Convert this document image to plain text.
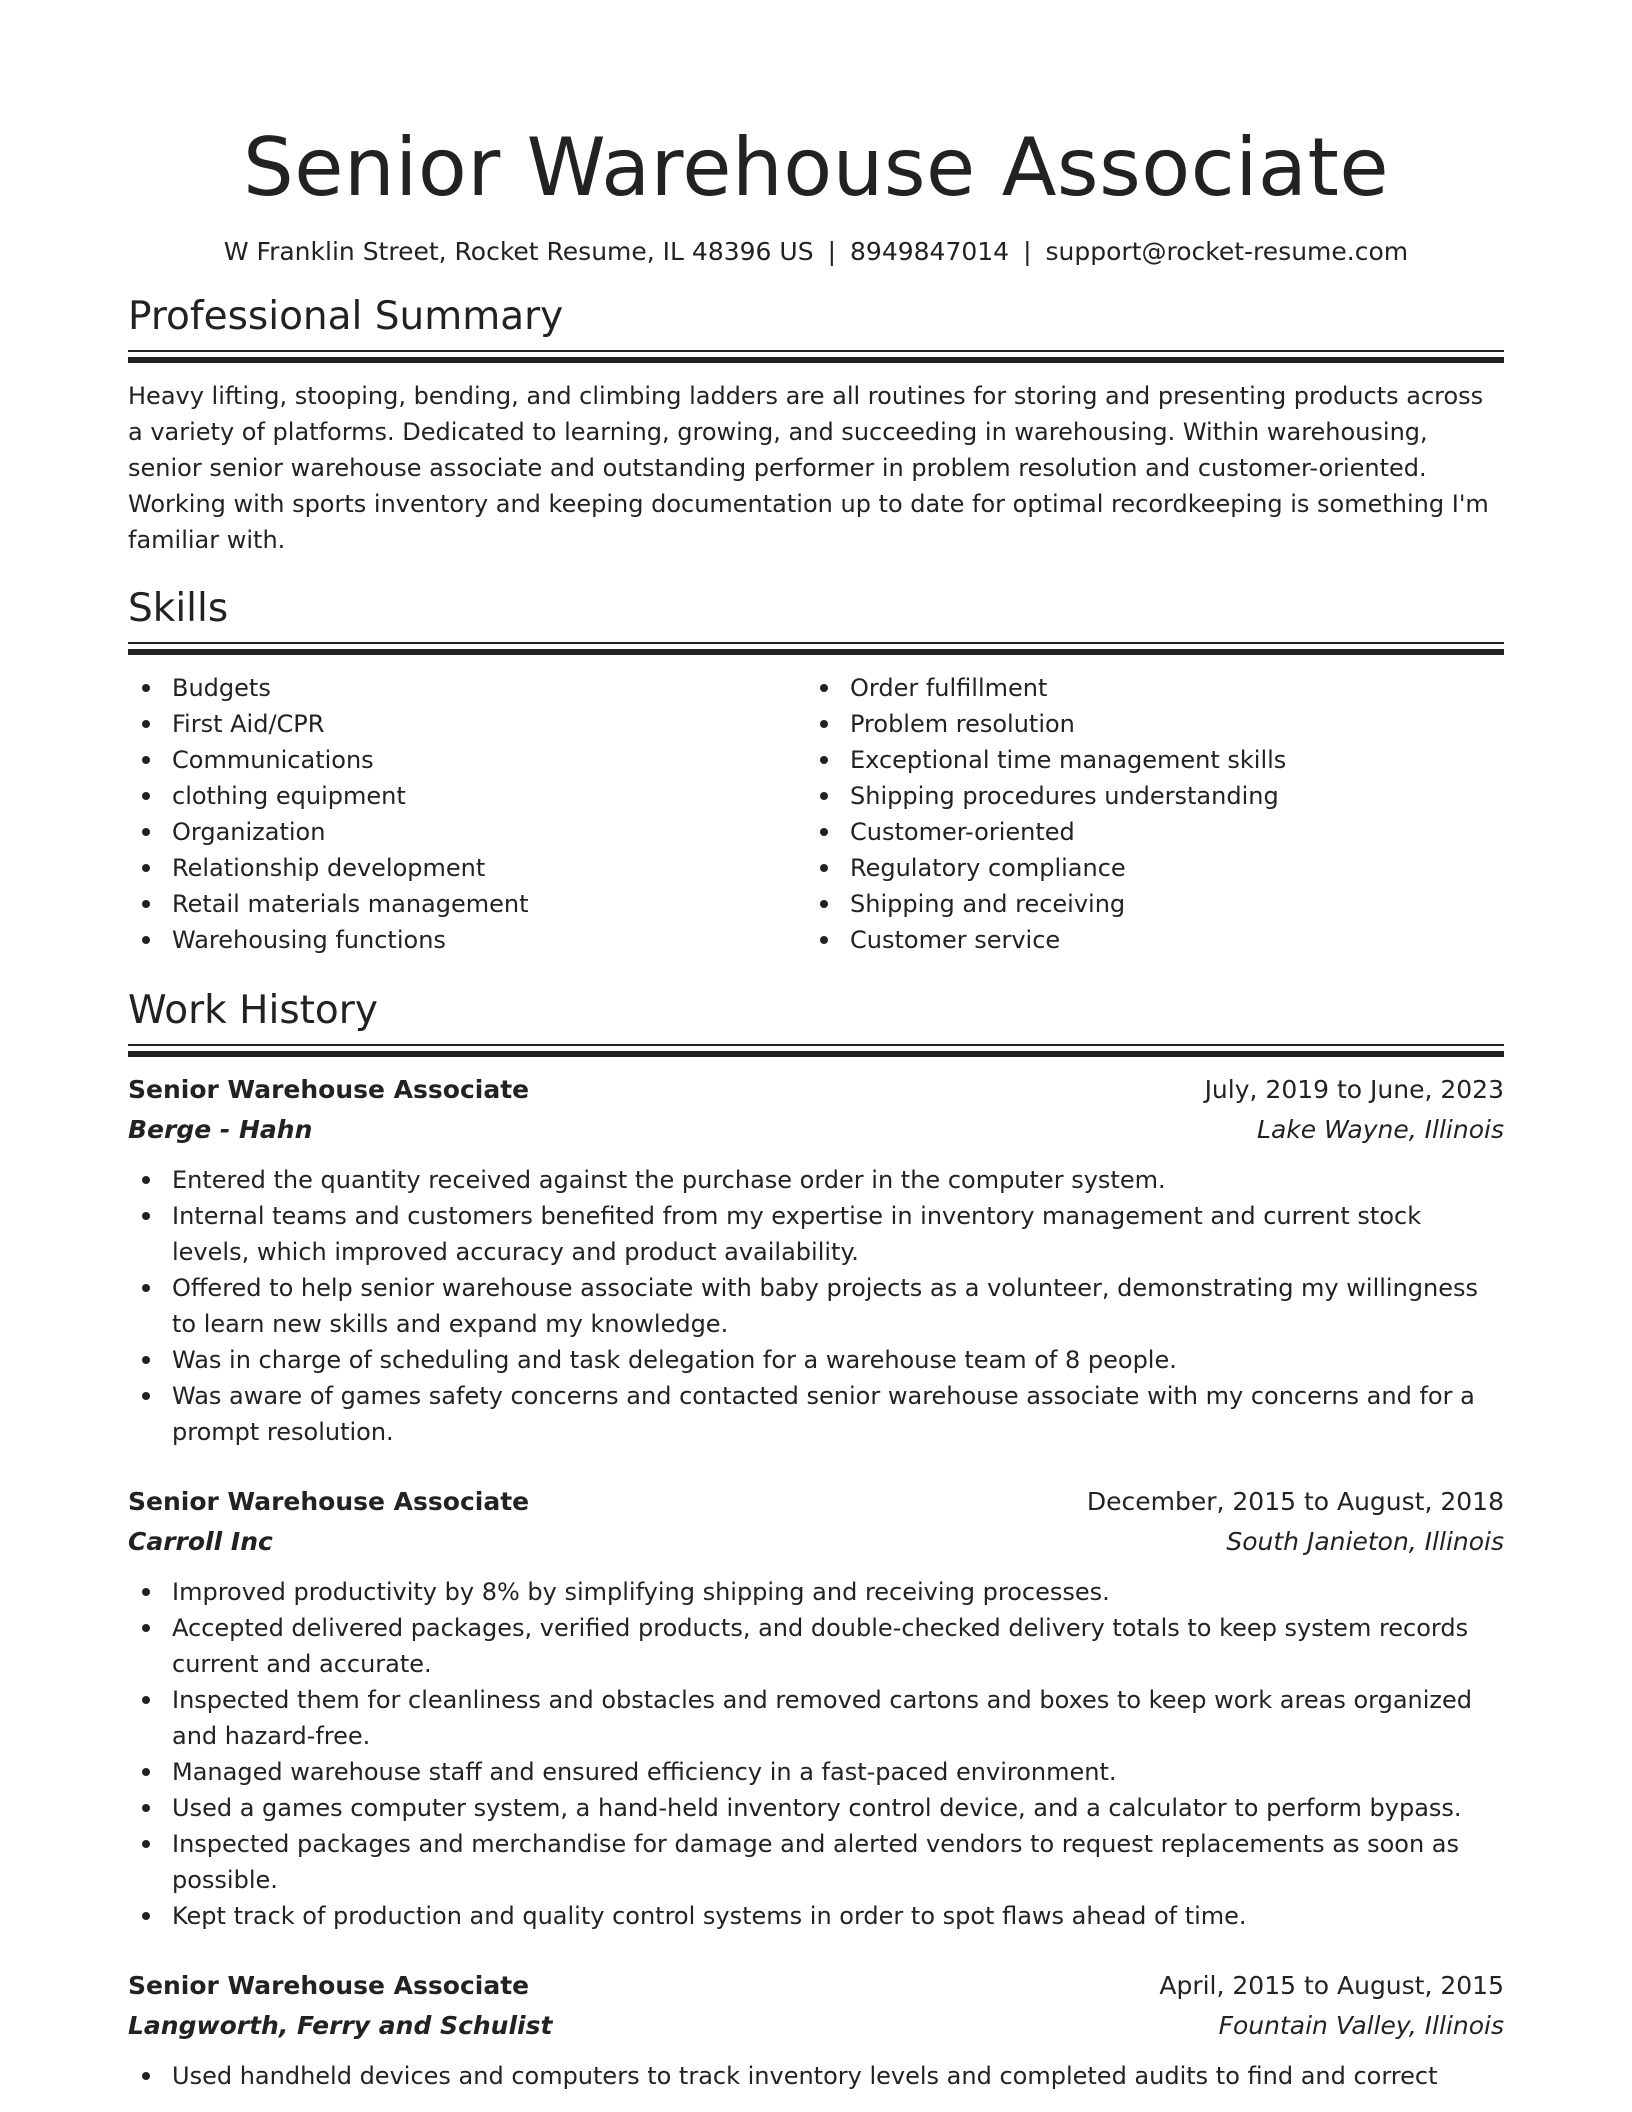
Senior Warehouse Associate
W Franklin Street, Rocket Resume, IL 48396 US | 8949847014 | support@rocket-resume.com
Professional Summary

Heavy lifting, stooping, bending, and climbing ladders are all routines for storing and presenting products across a variety of platforms. Dedicated to learning, growing, and succeeding in warehousing. Within warehousing, senior senior warehouse associate and outstanding performer in problem resolution and customer-oriented. Working with sports inventory and keeping documentation up to date for optimal recordkeeping is something I'm familiar with.

Skills
Budgets
First Aid/CPR
Communications
clothing equipment
Organization
Relationship development
Retail materials management
Warehousing functions
Order fulfillment
Problem resolution
Exceptional time management skills
Shipping procedures understanding
Customer-oriented
Regulatory compliance
Shipping and receiving
Customer service
Work History
Senior Warehouse Associate	July, 2019 to June, 2023
Berge - Hahn	Lake Wayne, Illinois
Entered the quantity received against the purchase order in the computer system.
Internal teams and customers benefited from my expertise in inventory management and current stock levels, which improved accuracy and product availability.
Offered to help senior warehouse associate with baby projects as a volunteer, demonstrating my willingness to learn new skills and expand my knowledge.
Was in charge of scheduling and task delegation for a warehouse team of 8 people.
Was aware of games safety concerns and contacted senior warehouse associate with my concerns and for a prompt resolution.
Senior Warehouse Associate	December, 2015 to August, 2018
Carroll Inc	South Janieton, Illinois
Improved productivity by 8% by simplifying shipping and receiving processes.
Accepted delivered packages, verified products, and double-checked delivery totals to keep system records current and accurate.
Inspected them for cleanliness and obstacles and removed cartons and boxes to keep work areas organized and hazard-free.
Managed warehouse staff and ensured efficiency in a fast-paced environment.
Used a games computer system, a hand-held inventory control device, and a calculator to perform bypass.
Inspected packages and merchandise for damage and alerted vendors to request replacements as soon as possible.
Kept track of production and quality control systems in order to spot flaws ahead of time.
Senior Warehouse Associate	April, 2015 to August, 2015
Langworth, Ferry and Schulist	Fountain Valley, Illinois
Used handheld devices and computers to track inventory levels and completed audits to find and correct
